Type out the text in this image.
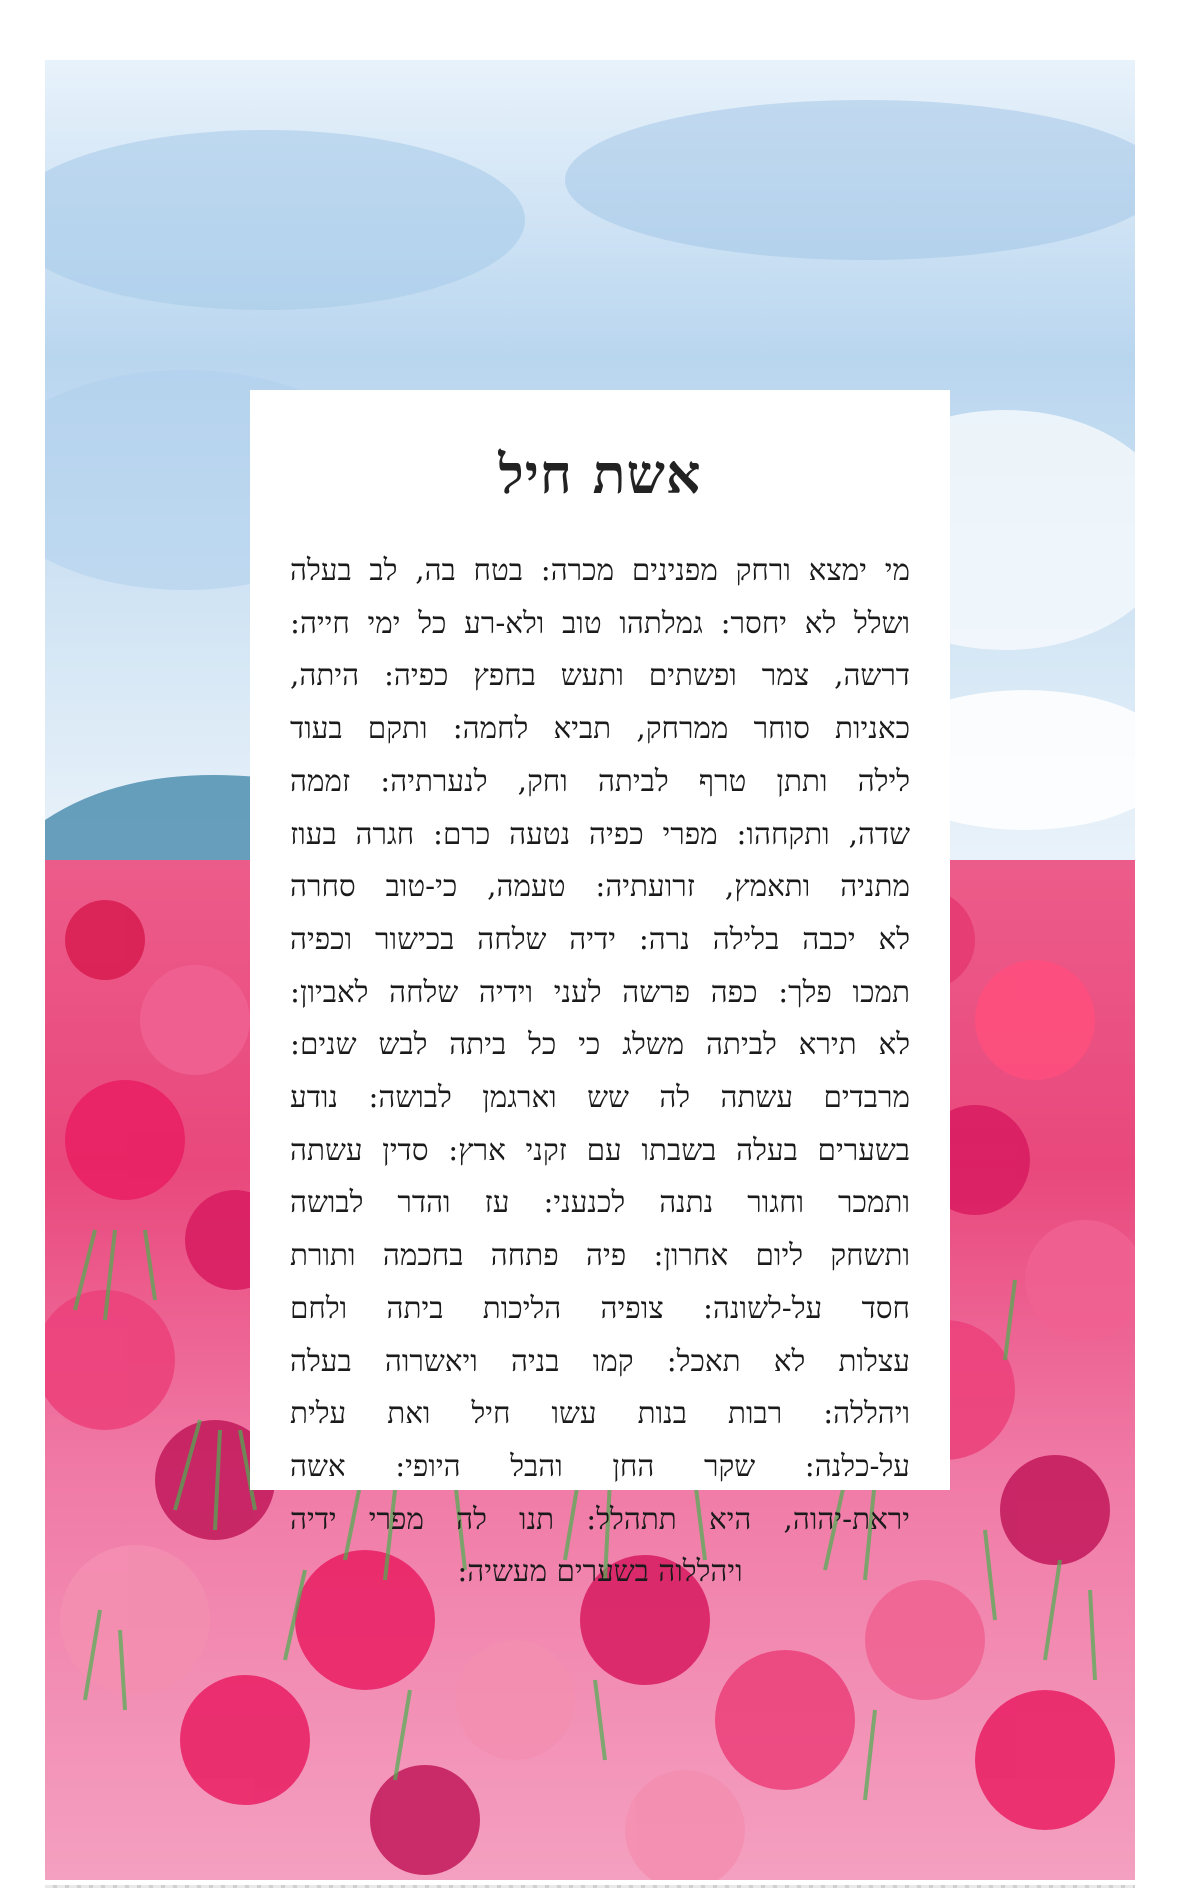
אשת חיל
מי ימצא ורחק מפנינים מכרה: בטח בה, לב בעלה
ושלל לא יחסר: גמלתהו טוב ולא-רע כל ימי חייה:
דרשה, צמר ופשתים ותעש בחפץ כפיה: היתה,
כאניות סוחר ממרחק, תביא לחמה: ותקם בעוד
לילה ותתן טרף לביתה וחק, לנערתיה: זממה
שדה, ותקחהו: מפרי כפיה נטעה כרם: חגרה בעוז
מתניה ותאמץ, זרועתיה: טעמה, כי-טוב סחרה
לא יכבה בלילה נרה: ידיה שלחה בכישור וכפיה
תמכו פלך: כפה פרשה לעני וידיה שלחה לאביון:
לא תירא לביתה משלג כי כל ביתה לבש שנים:
מרבדים עשתה לה שש וארגמן לבושה: נודע
בשערים בעלה בשבתו עם זקני ארץ: סדין עשתה
ותמכר וחגור נתנה לכנעני: עז והדר לבושה
ותשחק ליום אחרון: פיה פתחה בחכמה ותורת
חסד על-לשונה: צופיה הליכות ביתה ולחם
עצלות לא תאכל: קמו בניה ויאשרוה בעלה
ויהללה: רבות בנות עשו חיל ואת עלית
על-כלנה: שקר החן והבל היופי: אשה
יראת-יהוה, היא תתהלל: תנו לה מפרי ידיה
ויהללוה בשערים מעשיה:
